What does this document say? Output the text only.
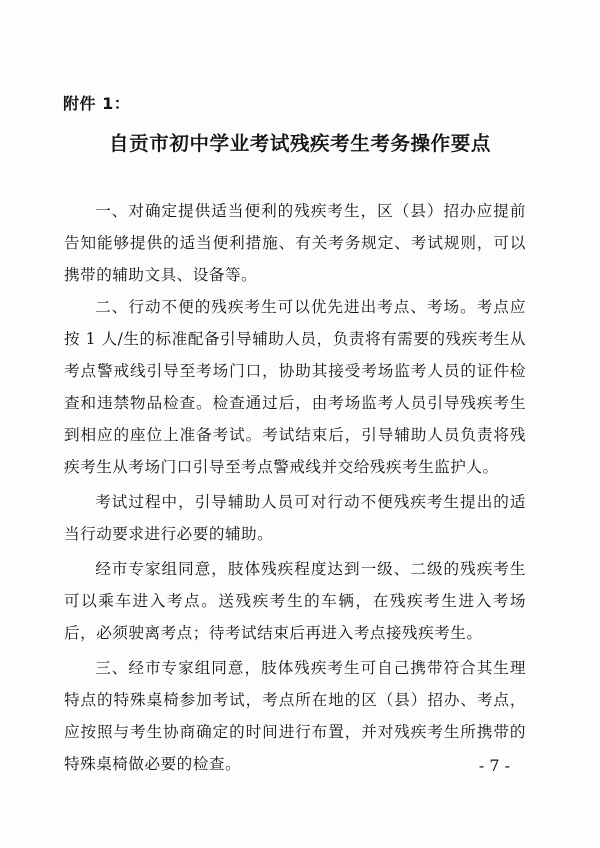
附件 1：

自贡市初中学业考试残疾考生考务操作要点

一、对确定提供适当便利的残疾考生，区（县）招办应提前告知能够提供的适当便利措施、有关考务规定、考试规则，可以携带的辅助文具、设备等。

二、行动不便的残疾考生可以优先进出考点、考场。考点应按 1 人/生的标准配备引导辅助人员，负责将有需要的残疾考生从考点警戒线引导至考场门口，协助其接受考场监考人员的证件检查和违禁物品检查。检查通过后，由考场监考人员引导残疾考生到相应的座位上准备考试。考试结束后，引导辅助人员负责将残疾考生从考场门口引导至考点警戒线并交给残疾考生监护人。

考试过程中，引导辅助人员可对行动不便残疾考生提出的适当行动要求进行必要的辅助。

经市专家组同意，肢体残疾程度达到一级、二级的残疾考生可以乘车进入考点。送残疾考生的车辆，在残疾考生进入考场后，必须驶离考点；待考试结束后再进入考点接残疾考生。

三、经市专家组同意，肢体残疾考生可自己携带符合其生理特点的特殊桌椅参加考试，考点所在地的区（县）招办、考点，应按照与考生协商确定的时间进行布置，并对残疾考生所携带的特殊桌椅做必要的检查。	- 7 -
